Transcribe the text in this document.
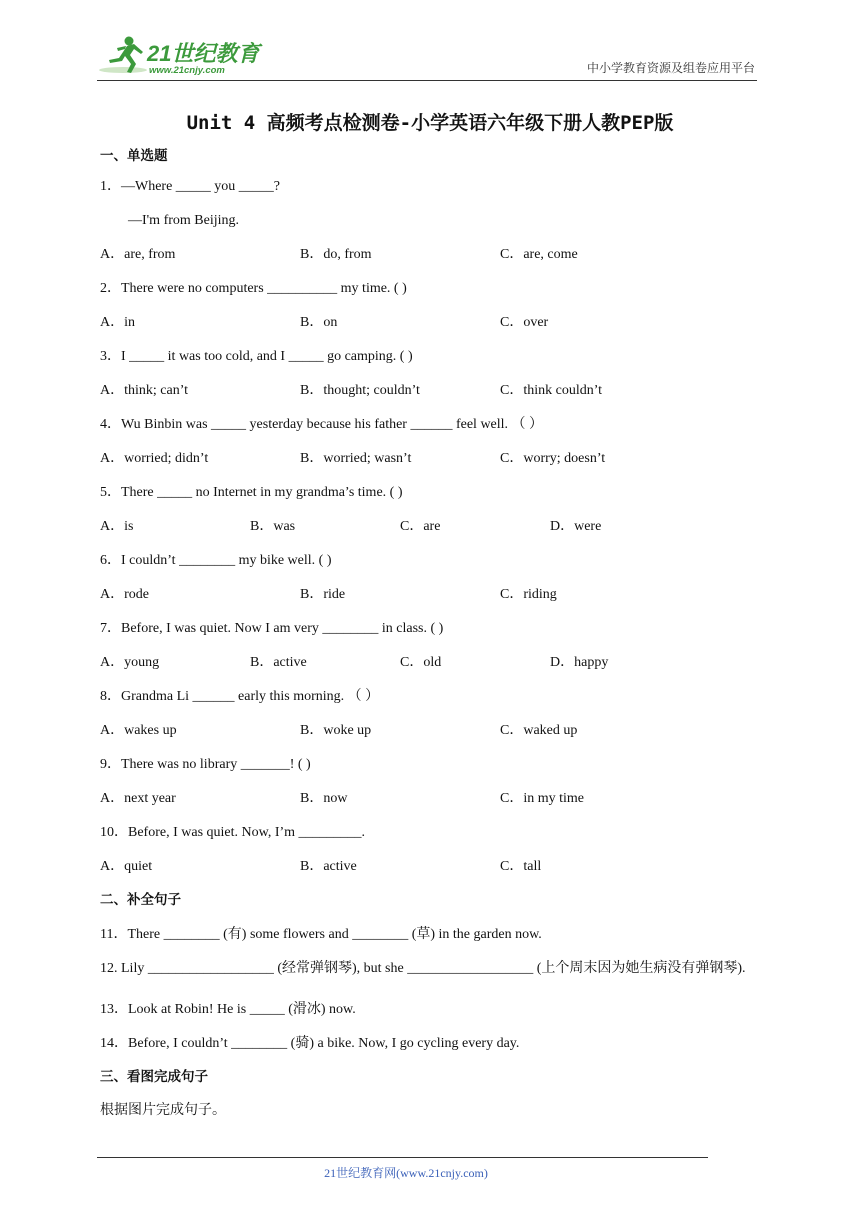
21世纪教育
www.21cnjy.com	中小学教育资源及组卷应用平台
Unit 4 高频考点检测卷-小学英语六年级下册人教PEP版
一、单选题
1．—Where _____ you _____?
—I'm from Beijing.
A．are, from	B．do, from	C．are, come
2．There were no computers __________ my time. ( )
A．in	B．on	C．over
3．I _____ it was too cold, and I _____ go camping. ( )
A．think; can’t	B．thought; couldn’t	C．think couldn’t
4．Wu Binbin was _____ yesterday because his father ______ feel well. （ ）
A．worried; didn’t	B．worried; wasn’t	C．worry; doesn’t
5．There _____ no Internet in my grandma’s time. ( )
A．is	B．was	C．are	D．were
6．I couldn’t ________ my bike well. ( )
A．rode	B．ride	C．riding
7．Before, I was quiet. Now I am very ________ in class. ( )
A．young	B．active	C．old	D．happy
8．Grandma Li ______ early this morning. （ ）
A．wakes up	B．woke up	C．waked up
9．There was no library _______! ( )
A．next year	B．now	C．in my time
10．Before, I was quiet. Now, I’m _________.
A．quiet	B．active	C．tall
二、补全句子
11．There ________ (有) some flowers and ________ (草) in the garden now.
12. Lily __________________ (经常弹钢琴), but she __________________ (上个周末因为她生病没有弹钢琴).
13．Look at Robin! He is _____ (滑冰) now.
14．Before, I couldn’t ________ (骑) a bike. Now, I go cycling every day.
三、看图完成句子
根据图片完成句子。
21世纪教育网(www.21cnjy.com)
